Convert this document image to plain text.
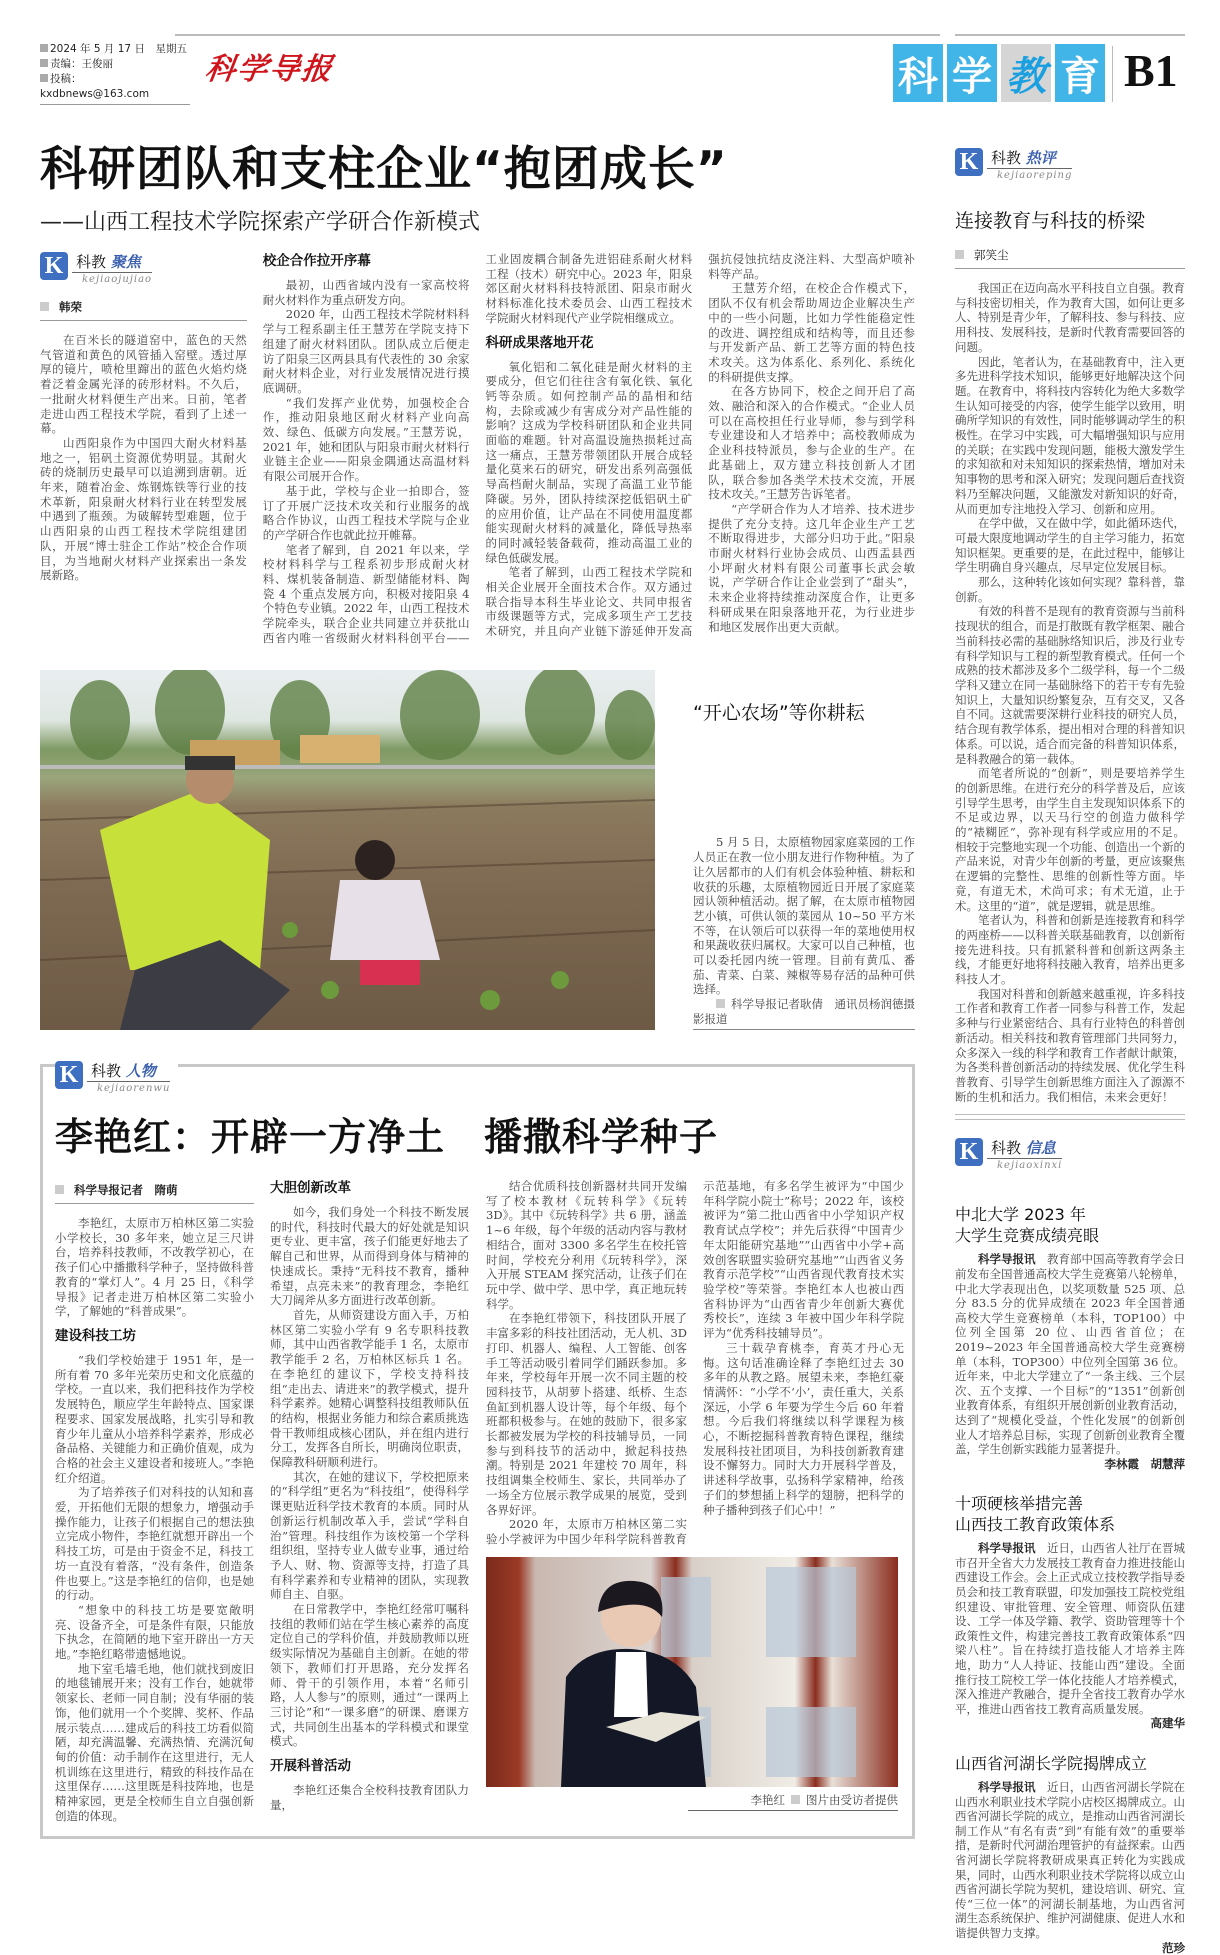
2024 年 5 月 17 日　星期五
责编：王俊丽
投稿：kxdbnews@163.com
科学导报	科 学 教 育 B1
科研团队和支柱企业“抱团成长”
——山西工程技术学院探索产学研合作新模式
K 科教 聚焦
kejiaojujiao
韩荣

在百米长的隧道窑中，蓝色的天然气管道和黄色的风管插入窑壁。透过厚厚的镜片，喷枪里蹿出的蓝色火焰灼烧着泛着金属光泽的砖形材料。不久后，一批耐火材料便生产出来。日前，笔者走进山西工程技术学院，看到了上述一幕。

山西阳泉作为中国四大耐火材料基地之一，铝矾土资源优势明显。其耐火砖的烧制历史最早可以追溯到唐朝。近年来，随着冶金、炼钢炼铁等行业的技术革新，阳泉耐火材料行业在转型发展中遇到了瓶颈。为破解转型难题，位于山西阳泉的山西工程技术学院组建团队，开展“博士驻企工作站”校企合作项目，为当地耐火材料产业探索出一条发展新路。

校企合作拉开序幕

最初，山西省域内没有一家高校将耐火材料作为重点研发方向。

2020 年，山西工程技术学院材料科学与工程系副主任王慧芳在学院支持下组建了耐火材料团队。团队成立后便走访了阳泉三区两县具有代表性的 30 余家耐火材料企业，对行业发展情况进行摸底调研。

“我们发挥产业优势，加强校企合作，推动阳泉地区耐火材料产业向高效、绿色、低碳方向发展。”王慧芳说，2021 年，她和团队与阳泉市耐火材料行业链主企业——阳泉金隅通达高温材料有限公司展开合作。

基于此，学校与企业一拍即合，签订了开展广泛技术攻关和行业服务的战略合作协议，山西工程技术学院与企业的产学研合作也就此拉开帷幕。

笔者了解到，自 2021 年以来，学校材料科学与工程系初步形成耐火材料、煤机装备制造、新型储能材料、陶瓷 4 个重点发展方向，积极对接阳泉 4 个特色专业镇。2022 年，山西工程技术学院牵头，联合企业共同建立并获批山西省内唯一省级耐火材料科创平台——工业固废耦合制备先进铝硅系耐火材料工程（技术）研究中心。2023 年，阳泉郊区耐火材料科技特派团、阳泉市耐火材料标准化技术委员会、山西工程技术学院耐火材料现代产业学院相继成立。

科研成果落地开花

氧化铝和二氧化硅是耐火材料的主要成分，但它们往往含有氧化铁、氧化钙等杂质。如何控制产品的晶相和结构，去除或减少有害成分对产品性能的影响？这成为学校科研团队和企业共同面临的难题。针对高温设施热损耗过高这一痛点，王慧芳带领团队开展合成轻量化莫来石的研究，研发出系列高强低导高档耐火制品，实现了高温工业节能降碳。另外，团队持续深挖低铝矾土矿的应用价值，让产品在不同使用温度都能实现耐火材料的减量化，降低导热率的同时减轻装备载荷，推动高温工业的绿色低碳发展。

笔者了解到，山西工程技术学院和相关企业展开全面技术合作。双方通过联合指导本科生毕业论文、共同申报省市级课题等方式，完成多项生产工艺技术研究，并且向产业链下游延伸开发高强抗侵蚀抗结皮浇注料、大型高炉喷补料等产品。

王慧芳介绍，在校企合作模式下，团队不仅有机会帮助周边企业解决生产中的一些小问题，比如力学性能稳定性的改进、调控组成和结构等，而且还参与开发新产品、新工艺等方面的特色技术攻关。这为体系化、系列化、系统化的科研提供支撑。

在各方协同下，校企之间开启了高效、融洽和深入的合作模式。“企业人员可以在高校担任行业导师，参与到学科专业建设和人才培养中；高校教师成为企业科技特派员，参与企业的生产。在此基础上，双方建立科技创新人才团队，联合参加各类学术技术交流，开展技术攻关。”王慧芳告诉笔者。

“产学研合作为人才培养、技术进步提供了充分支持。这几年企业生产工艺不断取得进步，大部分归功于此。”阳泉市耐火材料行业协会成员、山西盂县西小坪耐火材料有限公司董事长武会敏说，产学研合作让企业尝到了“甜头”，未来企业将持续推动深度合作，让更多科研成果在阳泉落地开花，为行业进步和地区发展作出更大贡献。

“开心农场”等你耕耘

5 月 5 日，太原植物园家庭菜园的工作人员正在教一位小朋友进行作物种植。为了让久居都市的人们有机会体验种植、耕耘和收获的乐趣，太原植物园近日开展了家庭菜园认领种植活动。据了解，在太原市植物园艺小镇，可供认领的菜园从 10~50 平方米不等，在认领后可以获得一年的菜地使用权和果蔬收获归属权。大家可以自己种植，也可以委托园内统一管理。目前有黄瓜、番茄、青菜、白菜、辣椒等易存活的品种可供选择。

科学导报记者耿倩　通讯员杨润德摄影报道

K 科教 人物
kejiaorenwu
李艳红：开辟一方净土　播撒科学种子
科学导报记者　隋萌

李艳红，太原市万柏林区第二实验小学校长，30 多年来，她立足三尺讲台，培养科技教师，不改教学初心，在孩子们心中播撒科学种子，坚持做科普教育的“掌灯人”。4 月 25 日，《科学导报》记者走进万柏林区第二实验小学，了解她的“科普成果”。

建设科技工坊

“我们学校始建于 1951 年，是一所有着 70 多年光荣历史和文化底蕴的学校。一直以来，我们把科技作为学校发展特色，顺应学生年龄特点、国家课程要求、国家发展战略，扎实引导和教育少年儿童从小培养科学素养，形成必备品格、关键能力和正确价值观，成为合格的社会主义建设者和接班人。”李艳红介绍道。

为了培养孩子们对科技的认知和喜爱，开拓他们无限的想象力，增强动手操作能力，让孩子们根据自己的想法独立完成小物件，李艳红就想开辟出一个科技工坊，可是由于资金不足，科技工坊一直没有着落，“没有条件，创造条件也要上。”这是李艳红的信仰，也是她的行动。

“想象中的科技工坊是要宽敞明亮、设备齐全，可是条件有限，只能放下执念，在简陋的地下室开辟出一方天地。”李艳红略带遗憾地说。

地下室毛墙毛地，他们就找到废旧的地毯铺展开来；没有工作台，她就带领家长、老师一同自制；没有华丽的装饰，他们就用一个个奖牌、奖杯、作品展示装点……建成后的科技工坊看似简陋，却充满温馨、充满热情、充满沉甸甸的价值：动手制作在这里进行，无人机训练在这里进行，精致的科技作品在这里保存……这里既是科技阵地，也是精神家园，更是全校师生自立自强创新创造的体现。

大胆创新改革

如今，我们身处一个科技不断发展的时代，科技时代最大的好处就是知识更专业、更丰富，孩子们能更好地去了解自己和世界，从而得到身体与精神的快速成长。秉持“无科技不教育，播种希望，点亮未来”的教育理念，李艳红大刀阔斧从多方面进行改革创新。

首先，从师资建设方面入手，万柏林区第二实验小学有 9 名专职科技教师，其中山西省教学能手 1 名，太原市教学能手 2 名，万柏林区标兵 1 名。在李艳红的建议下，学校支持科技组“走出去、请进来”的教学模式，提升科学素养。她精心调整科技组教师队伍的结构，根据业务能力和综合素质挑选骨干教师组成核心团队，并在组内进行分工，发挥各自所长，明确岗位职责，保障教科研顺利进行。

其次，在她的建议下，学校把原来的“科学组”更名为“科技组”，使得科学课更贴近科学技术教育的本质。同时从创新运行机制改革入手，尝试“学科自治”管理。科技组作为该校第一个学科组织组，坚持专业人做专业事，通过给予人、财、物、资源等支持，打造了具有科学素养和专业精神的团队，实现教师自主、自驱。

在日常教学中，李艳红经常叮嘱科技组的教师们站在学生核心素养的高度定位自己的学科价值，并鼓励教师以班级实际情况为基础自主创新。在她的带领下，教师们打开思路，充分发挥名师、骨干的引领作用，本着“名师引路，人人参与”的原则，通过“一课两上三讨论”和“一课多磨”的研课、磨课方式，共同创生出基本的学科模式和课堂模式。

开展科普活动

李艳红还集合全校科技教育团队力量，

结合优质科技创新器材共同开发编写了校本教材《玩转科学》《玩转 3D》。其中《玩转科学》共 6 册，涵盖 1~6 年级，每个年级的活动内容与教材相结合，面对 3300 多名学生在校托管时间，学校充分利用《玩转科学》，深入开展 STEAM 探究活动，让孩子们在玩中学、做中学、思中学，真正地玩转科学。

在李艳红带领下，科技团队开展了丰富多彩的科技社团活动，无人机、3D 打印、机器人、编程、人工智能、创客手工等活动吸引着同学们踊跃参加。多年来，学校每年开展一次不同主题的校园科技节，从胡萝卜搭建、纸桥、生态鱼缸到机器人设计等，每个年级、每个班都积极参与。在她的鼓励下，很多家长都被发展为学校的科技辅导员，一同参与到科技节的活动中，掀起科技热潮。特别是 2021 年建校 70 周年，科技组调集全校师生、家长，共同举办了一场全方位展示教学成果的展览，受到各界好评。

2020 年，太原市万柏林区第二实验小学被评为中国少年科学院科普教育示范基地，有多名学生被评为“中国少年科学院小院士”称号；2022 年，该校被评为“第二批山西省中小学知识产权教育试点学校”；并先后获得“中国青少年太阳能研究基地”“山西省中小学+高效创客联盟实验研究基地”“山西省义务教育示范学校”“山西省现代教育技术实验学校”等荣誉。李艳红本人也被山西省科协评为“山西省青少年创新大赛优秀校长”，连续 3 年被中国少年科学院评为“优秀科技辅导员”。

三十载孕育桃李，育英才丹心无悔。这句话准确诠释了李艳红过去 30 多年的从教之路。展望未来，李艳红豪情满怀：“小学不‘小’，责任重大，关系深远，小学 6 年要为学生今后 60 年着想。今后我们将继续以科学课程为核心，不断挖掘科普教育特色课程，继续发展科技社团项目，为科技创新教育建设不懈努力。同时大力开展科学普及，讲述科学故事，弘扬科学家精神，给孩子们的梦想插上科学的翅膀，把科学的种子播种到孩子们心中！”

李艳红 图片由受访者提供
K 科教 热评
kejiaoreping
连接教育与科技的桥梁
郭笑尘

我国正在迈向高水平科技自立自强。教育与科技密切相关，作为教育大国，如何让更多人、特别是青少年，了解科技、参与科技、应用科技、发展科技，是新时代教育需要回答的问题。

因此，笔者认为，在基础教育中，注入更多先进科学技术知识，能够更好地解决这个问题。在教育中，将科技内容转化为绝大多数学生认知可接受的内容，使学生能学以致用，明确所学知识的有效性，同时能够调动学生的积极性。在学习中实践，可大幅增强知识与应用的关联；在实践中发现问题，能极大激发学生的求知欲和对未知知识的探索热情，增加对未知事物的思考和深入研究；发现问题后查找资料乃至解决问题，又能激发对新知识的好奇，从而更加专注地投入学习、创新和应用。

在学中做，又在做中学，如此循环迭代，可最大限度地调动学生的自主学习能力，拓宽知识框架。更重要的是，在此过程中，能够让学生明确自身兴趣点，尽早定位发展目标。

那么，这种转化该如何实现？靠科普，靠创新。

有效的科普不是现有的教育资源与当前科技现状的组合，而是打散既有教学框架、融合当前科技必需的基础脉络知识后，涉及行业专有科学知识与工程的新型教育模式。任何一个成熟的技术都涉及多个二级学科，每一个二级学科又建立在同一基础脉络下的若干专有先验知识上，大量知识纷繁复杂，互有交叉，又各自不同。这就需要深耕行业科技的研究人员，结合现有教学体系，提出相对合理的科普知识体系。可以说，适合而完备的科普知识体系，是科教融合的第一载体。

而笔者所说的“创新”，则是要培养学生的创新思维。在进行充分的科学普及后，应该引导学生思考，由学生自主发现知识体系下的不足或边界，以天马行空的创造力做科学的“裱糊匠”，弥补现有科学或应用的不足。相较于完整地实现一个功能、创造出一个新的产品来说，对青少年创新的考量，更应该聚焦在逻辑的完整性、思维的创新性等方面。毕竟，有道无术，术尚可求；有术无道，止于术。这里的“道”，就是逻辑，就是思维。

笔者认为，科普和创新是连接教育和科学的两座桥——以科普关联基础教育，以创新衔接先进科技。只有抓紧科普和创新这两条主线，才能更好地将科技融入教育，培养出更多科技人才。

我国对科普和创新越来越重视，许多科技工作者和教育工作者一同参与科普工作，发起多种与行业紧密结合、具有行业特色的科普创新活动。相关科技和教育管理部门共同努力，众多深入一线的科学和教育工作者献计献策，为各类科普创新活动的持续发展、优化学生科普教育、引导学生创新思维方面注入了源源不断的生机和活力。我们相信，未来会更好！

K 科教 信息
kejiaoxinxi
中北大学 2023 年
大学生竞赛成绩亮眼

科学导报讯　 教育部中国高等教育学会日前发布全国普通高校大学生竞赛第八轮榜单，中北大学表现出色，以奖项数量 525 项、总分 83.5 分的优异成绩在 2023 年全国普通高校大学生竞赛榜单（本科，TOP100）中位列全国第 20 位、山西省首位；在 2019~2023 年全国普通高校大学生竞赛榜单（本科，TOP300）中位列全国第 36 位。近年来，中北大学建立了“一条主线、三个层次、五个支撑、一个目标”的“1351”创新创业教育体系，有组织开展创新创业教育活动，达到了“规模化受益，个性化发展”的创新创业人才培养总目标，实现了创新创业教育全覆盖，学生创新实践能力显著提升。
李林霞　胡慧萍

十项硬核举措完善
山西技工教育政策体系

科学导报讯　 近日，山西省人社厅在晋城市召开全省大力发展技工教育奋力推进技能山西建设工作会。会上正式成立技校教学指导委员会和技工教育联盟，印发加强技工院校党组织建设、审批管理、安全管理、师资队伍建设、工学一体及学籍、教学、资助管理等十个政策性文件，构建完善技工教育政策体系“四梁八柱”。旨在持续打造技能人才培养主阵地，助力“人人持证、技能山西”建设。全面推行技工院校工学一体化技能人才培养模式，深入推进产教融合，提升全省技工教育办学水平，推进山西省技工教育高质量发展。
高建华

山西省河湖长学院揭牌成立

科学导报讯　 近日，山西省河湖长学院在山西水利职业技术学院小店校区揭牌成立。山西省河湖长学院的成立，是推动山西省河湖长制工作从“有名有责”到“有能有效”的重要举措，是新时代河湖治理管护的有益探索。山西省河湖长学院将教研成果真正转化为实践成果，同时，山西水利职业技术学院将以成立山西省河湖长学院为契机，建设培训、研究、宣传“三位一体”的河湖长制基地，为山西省河湖生态系统保护、维护河湖健康、促进人水和谐提供智力支撑。
范珍
